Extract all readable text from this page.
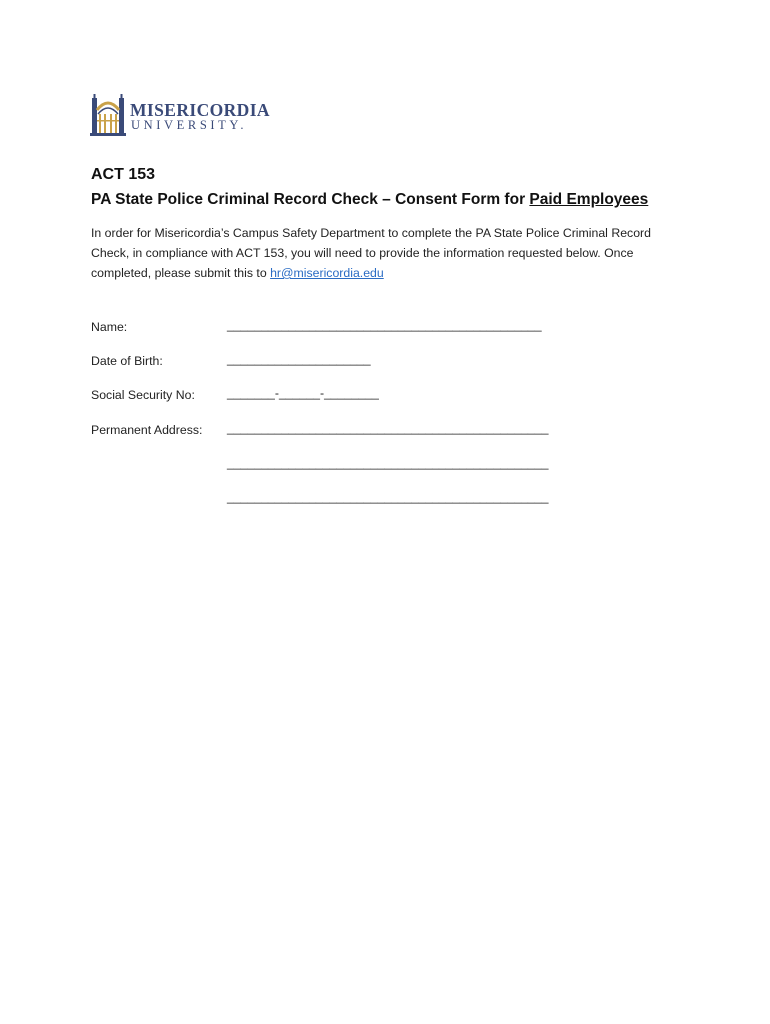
MISERICORDIA
UNIVERSITY.
ACT 153
PA State Police Criminal Record Check – Consent Form for Paid Employees

In order for Misericordia’s Campus Safety Department to complete the PA State Police Criminal Record

Check, in compliance with ACT 153, you will need to provide the information requested below. Once

completed, please submit this to hr@misericordia.edu

Name:	______________________________________________
Date of Birth:	_____________________
Social Security No:	_______-______-________
Permanent Address: _______________________________________________
_______________________________________________
_______________________________________________
